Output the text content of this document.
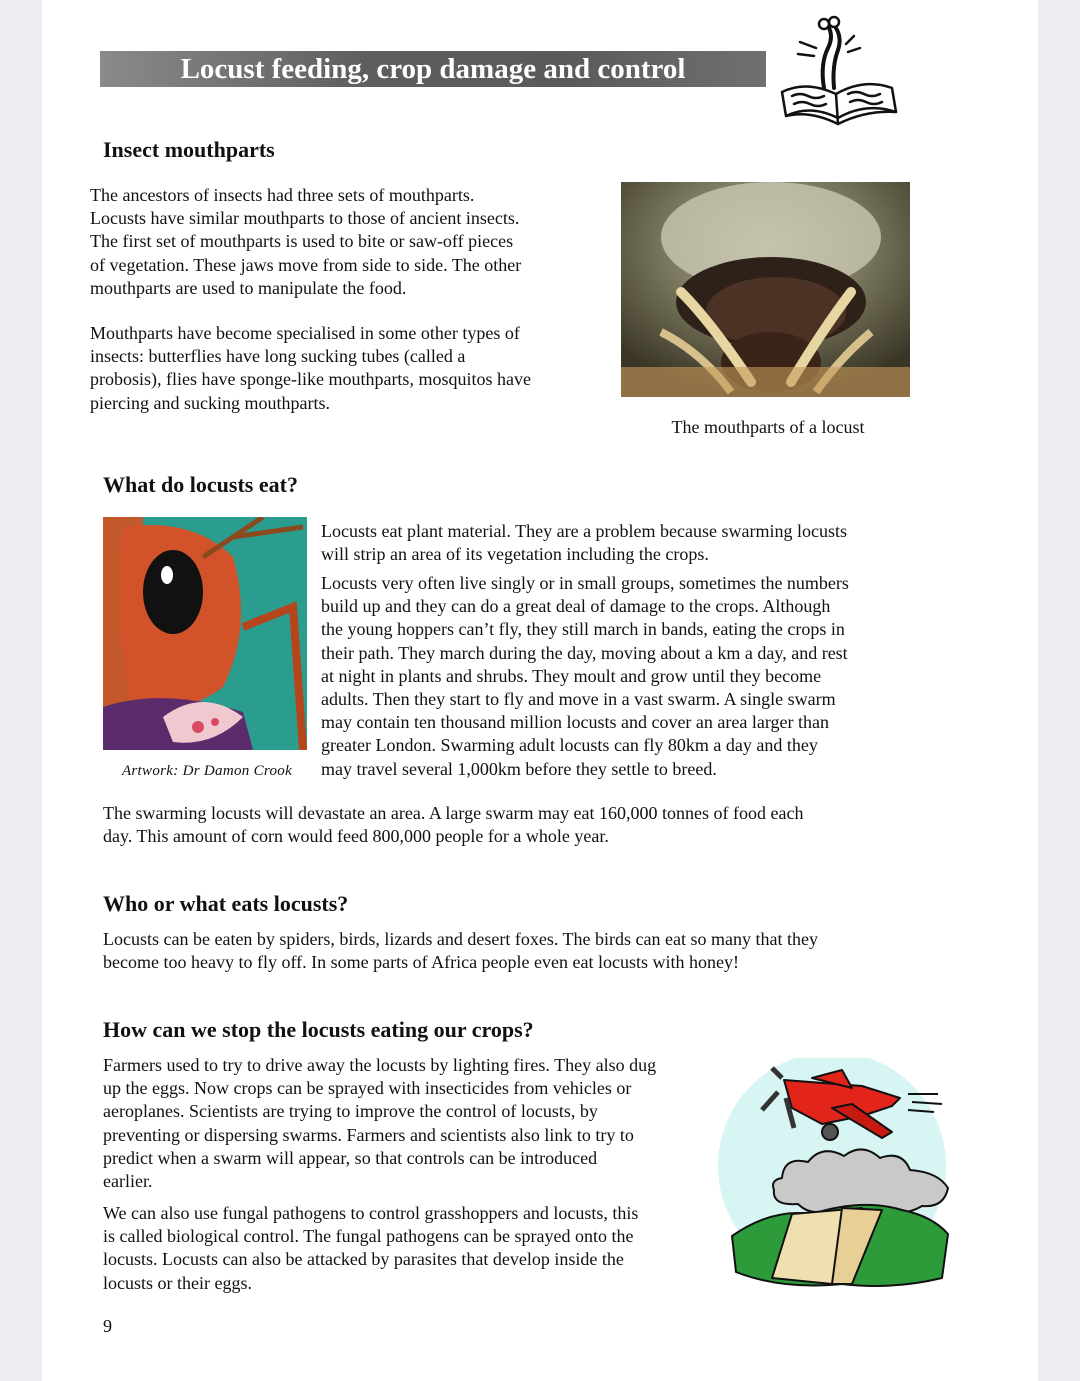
Locust feeding, crop damage and control
Insect mouthparts
The ancestors of insects had three sets of mouthparts.
Locusts have similar mouthparts to those of ancient insects.
The first set of mouthparts is used to bite or saw-off pieces
of vegetation. These jaws move from side to side. The other
mouthparts are used to manipulate the food.
Mouthparts have become specialised in some other types of
insects: butterflies have long sucking tubes (called a
probosis), flies have sponge-like mouthparts, mosquitos have
piercing and sucking mouthparts.
The mouthparts of a locust
What do locusts eat?
Artwork: Dr Damon Crook
Locusts eat plant material. They are a problem because swarming locusts
will strip an area of its vegetation including the crops.
Locusts very often live singly or in small groups, sometimes the numbers
build up and they can do a great deal of damage to the crops. Although
the young hoppers can’t fly, they still march in bands, eating the crops in
their path. They march during the day, moving about a km a day, and rest
at night in plants and shrubs. They moult and grow until they become
adults. Then they start to fly and move in a vast swarm. A single swarm
may contain ten thousand million locusts and cover an area larger than
greater London. Swarming adult locusts can fly 80km a day and they
may travel several 1,000km before they settle to breed.
The swarming locusts will devastate an area. A large swarm may eat 160,000 tonnes of food each
day. This amount of corn would feed 800,000 people for a whole year.
Who or what eats locusts?
Locusts can be eaten by spiders, birds, lizards and desert foxes. The birds can eat so many that they
become too heavy to fly off. In some parts of Africa people even eat locusts with honey!
How can we stop the locusts eating our crops?
Farmers used to try to drive away the locusts by lighting fires. They also dug
up the eggs. Now crops can be sprayed with insecticides from vehicles or
aeroplanes. Scientists are trying to improve the control of locusts, by
preventing or dispersing swarms. Farmers and scientists also link to try to
predict when a swarm will appear, so that controls can be introduced
earlier.
We can also use fungal pathogens to control grasshoppers and locusts, this
is called biological control. The fungal pathogens can be sprayed onto the
locusts. Locusts can also be attacked by parasites that develop inside the
locusts or their eggs.
9
